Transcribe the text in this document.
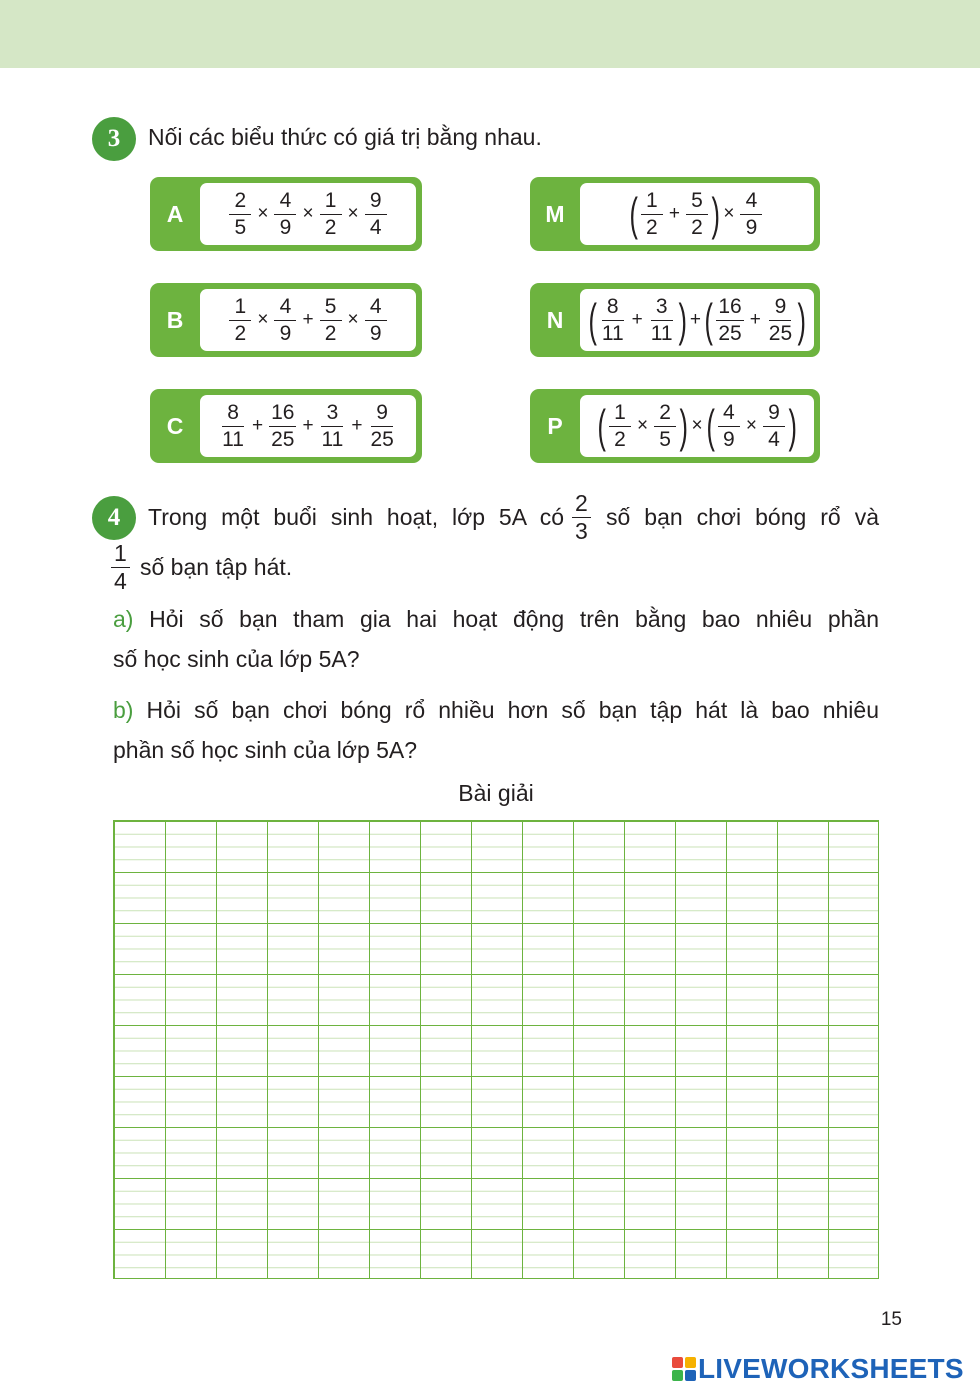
3	Nối các biểu thức có giá trị bằng nhau.
A	$\frac{2}{5} \times \frac{4}{9} \times \frac{1}{2} \times \frac{9}{4}$
B	$\frac{1}{2} \times \frac{4}{9} + \frac{5}{2} \times \frac{4}{9}$
C	$\frac{8}{11} + \frac{16}{25} + \frac{3}{11} + \frac{9}{25}$
M	( $\frac{1}{2} + \frac{5}{2}$ ) × $\frac{4}{9}$
N ( $\frac{8}{11} + \frac{3}{11}$ ) + ( $\frac{16}{25} + \frac{9}{25}$ )
P ( $\frac{1}{2} \times \frac{2}{5}$ ) × ( $\frac{4}{9} \times \frac{9}{4}$ )
4	Trong một buổi sinh hoạt, lớp 5A có $\frac{2}{3}$ số bạn chơi bóng rổ và
$\frac{1}{4}$ số bạn tập hát.
a) Hỏi số bạn tham gia hai hoạt động trên bằng bao nhiêu phần
số học sinh của lớp 5A?
b) Hỏi số bạn chơi bóng rổ nhiều hơn số bạn tập hát là bao nhiêu
phần số học sinh của lớp 5A?
Bài giải
15
LIVEWORKSHEETS
